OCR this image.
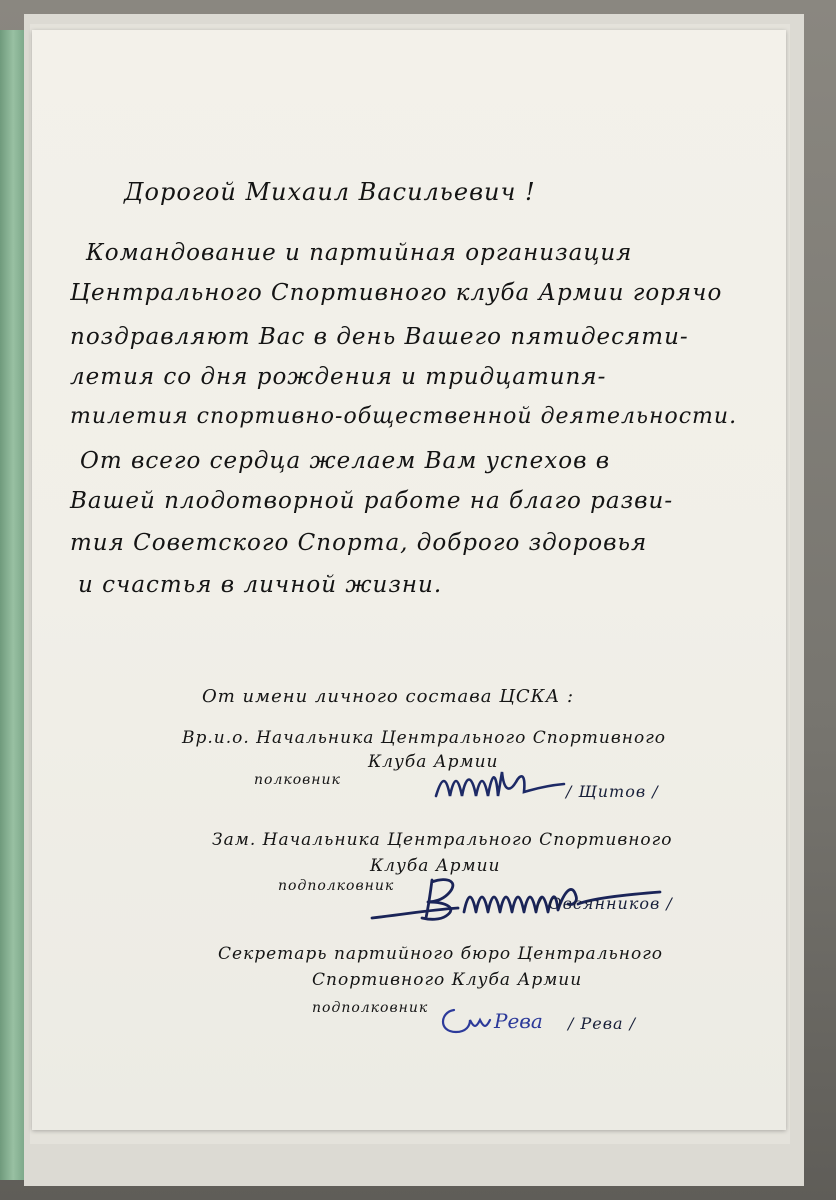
Дорогой Михаил Васильевич !
Командование и партийная организация
Центрального Спортивного клуба Армии горячо
поздравляют Вас в день Вашего пятидесяти-
летия со дня рождения и тридцатипя-
тилетия спортивно-общественной деятельности.
От всего сердца желаем Вам успехов в
Вашей плодотворной работе на благо разви-
тия Советского Спорта, доброго здоровья
и счастья в личной жизни.
От имени личного состава ЦСКА :
Вр.и.о. Начальника Центрального Спортивного
Клуба Армии
полковник
/ Щитов /
Зам. Начальника Центрального Спортивного
Клуба Армии
подполковник
/ Овсянников /
Секретарь партийного бюро Центрального
Спортивного Клуба Армии
подполковник
Рева / Рева /
